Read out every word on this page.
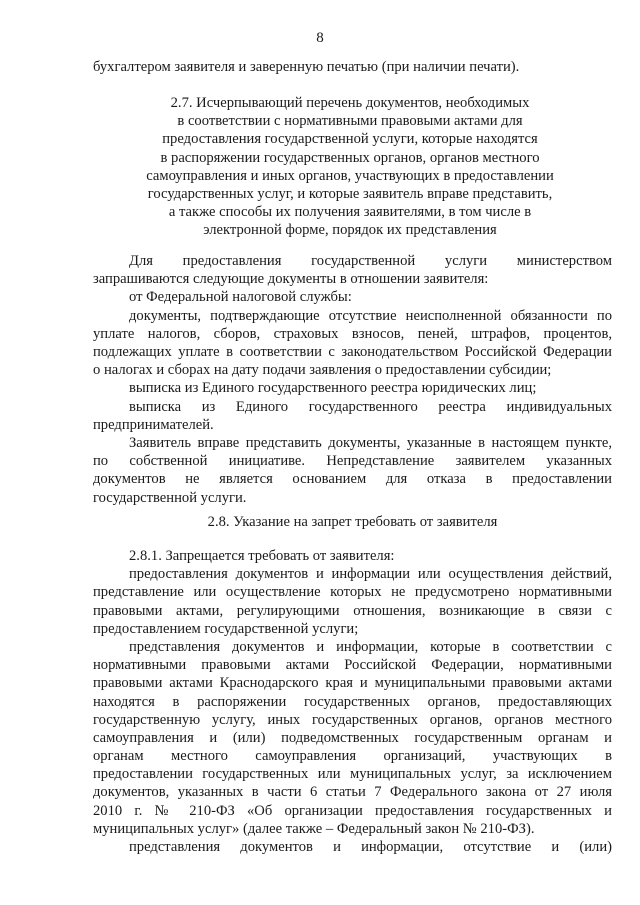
8
бухгалтером заявителя и заверенную печатью (при наличии печати).
2.7. Исчерпывающий перечень документов, необходимых
в соответствии с нормативными правовыми актами для
предоставления государственной услуги, которые находятся
в распоряжении государственных органов, органов местного
самоуправления и иных органов, участвующих в предоставлении
государственных услуг, и которые заявитель вправе представить,
а также способы их получения заявителями, в том числе в
электронной форме, порядок их представления
Для предоставления государственной услуги министерством
запрашиваются следующие документы в отношении заявителя:
от Федеральной налоговой службы:
документы, подтверждающие отсутствие неисполненной обязанности по
уплате налогов, сборов, страховых взносов, пеней, штрафов, процентов,
подлежащих уплате в соответствии с законодательством Российской Федерации
о налогах и сборах на дату подачи заявления о предоставлении субсидии;
выписка из Единого государственного реестра юридических лиц;
выписка из Единого государственного реестра индивидуальных
предпринимателей.
Заявитель вправе представить документы, указанные в настоящем пункте,
по собственной инициативе. Непредставление заявителем указанных
документов не является основанием для отказа в предоставлении
государственной услуги.
2.8. Указание на запрет требовать от заявителя
2.8.1. Запрещается требовать от заявителя:
предоставления документов и информации или осуществления действий,
представление или осуществление которых не предусмотрено нормативными
правовыми актами, регулирующими отношения, возникающие в связи с
предоставлением государственной услуги;
представления документов и информации, которые в соответствии с
нормативными правовыми актами Российской Федерации, нормативными
правовыми актами Краснодарского края и муниципальными правовыми актами
находятся в распоряжении государственных органов, предоставляющих
государственную услугу, иных государственных органов, органов местного
самоуправления и (или) подведомственных государственным органам и
органам местного самоуправления организаций, участвующих в
предоставлении государственных или муниципальных услуг, за исключением
документов, указанных в части 6 статьи 7 Федерального закона от 27 июля
2010 г. № 210-ФЗ «Об организации предоставления государственных и
муниципальных услуг» (далее также – Федеральный закон № 210-ФЗ).
представления документов и информации, отсутствие и (или)
